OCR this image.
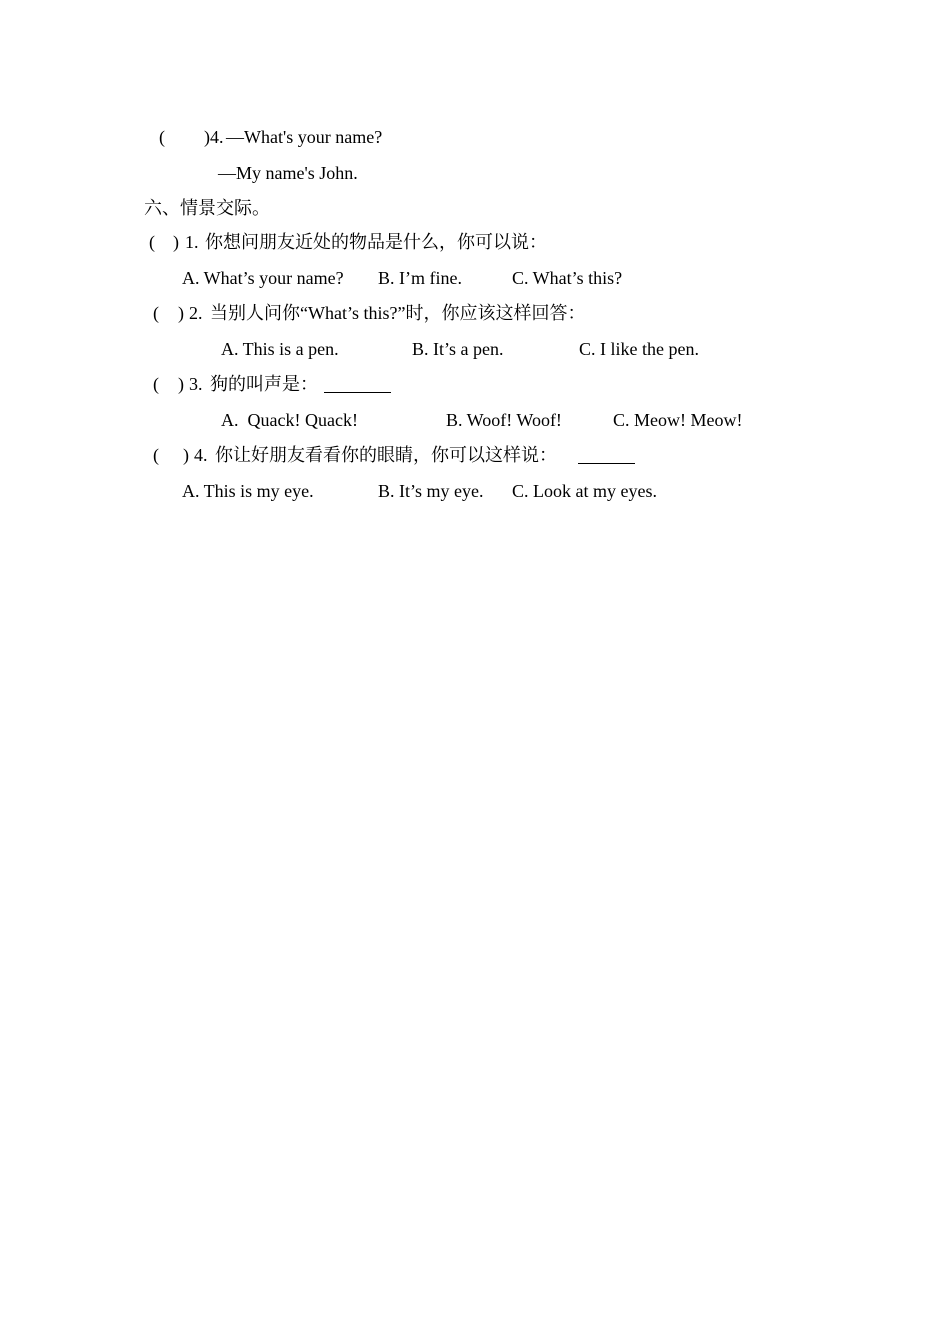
( ) 4. —What's your name?
—My name's John.
六、情景交际。
( ) 1. 你想问朋友近处的物品是什么，你可以说：
A. What’s your name? B. I’m fine.	C. What’s this?
( ) 2. 当别人问你“What’s this?”时，你应该这样回答：
A. This is a pen.	B. It’s a pen.	C. I like the pen.
( ) 3. 狗的叫声是：
A.  Quack! Quack!	B. Woof! Woof!	C. Meow! Meow!
( ) 4. 你让好朋友看看你的眼睛，你可以这样说：
A. This is my eye.	B. It’s my eye. C. Look at my eyes.
